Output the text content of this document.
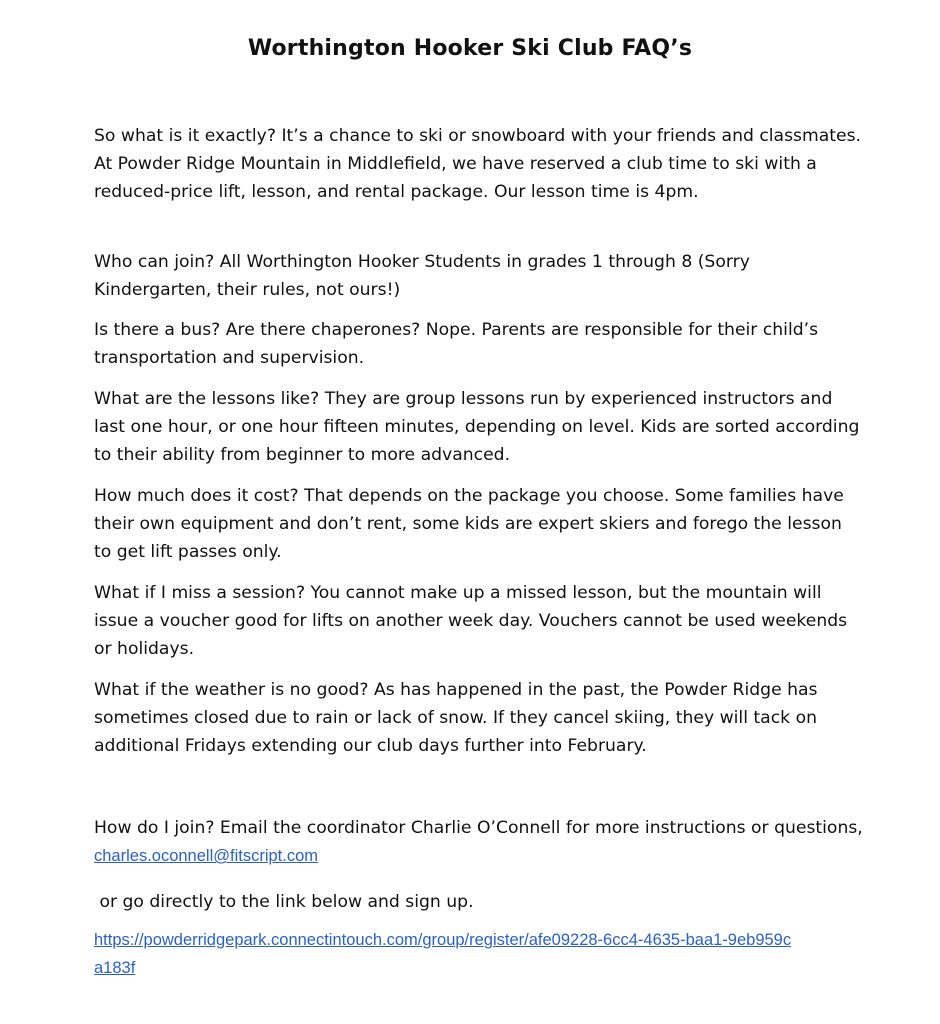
Worthington Hooker Ski Club FAQ’s

So what is it exactly? It’s a chance to ski or snowboard with your friends and classmates. At Powder Ridge Mountain in Middlefield, we have reserved a club time to ski with a reduced-price lift, lesson, and rental package. Our lesson time is 4pm.

Who can join? All Worthington Hooker Students in grades 1 through 8 (Sorry Kindergarten, their rules, not ours!)

Is there a bus? Are there chaperones? Nope. Parents are responsible for their child’s transportation and supervision.

What are the lessons like? They are group lessons run by experienced instructors and last one hour, or one hour fifteen minutes, depending on level. Kids are sorted according to their ability from beginner to more advanced.

How much does it cost? That depends on the package you choose. Some families have their own equipment and don’t rent, some kids are expert skiers and forego the lesson to get lift passes only.

What if I miss a session? You cannot make up a missed lesson, but the mountain will issue a voucher good for lifts on another week day. Vouchers cannot be used weekends or holidays.

What if the weather is no good? As has happened in the past, the Powder Ridge has sometimes closed due to rain or lack of snow. If they cancel skiing, they will tack on additional Fridays extending our club days further into February.

How do I join? Email the coordinator Charlie O’Connell for more instructions or questions, charles.oconnell@fitscript.com

or go directly to the link below and sign up.

https://powderridgepark.connectintouch.com/group/register/afe09228-6cc4-4635-baa1-9eb959ca183f
